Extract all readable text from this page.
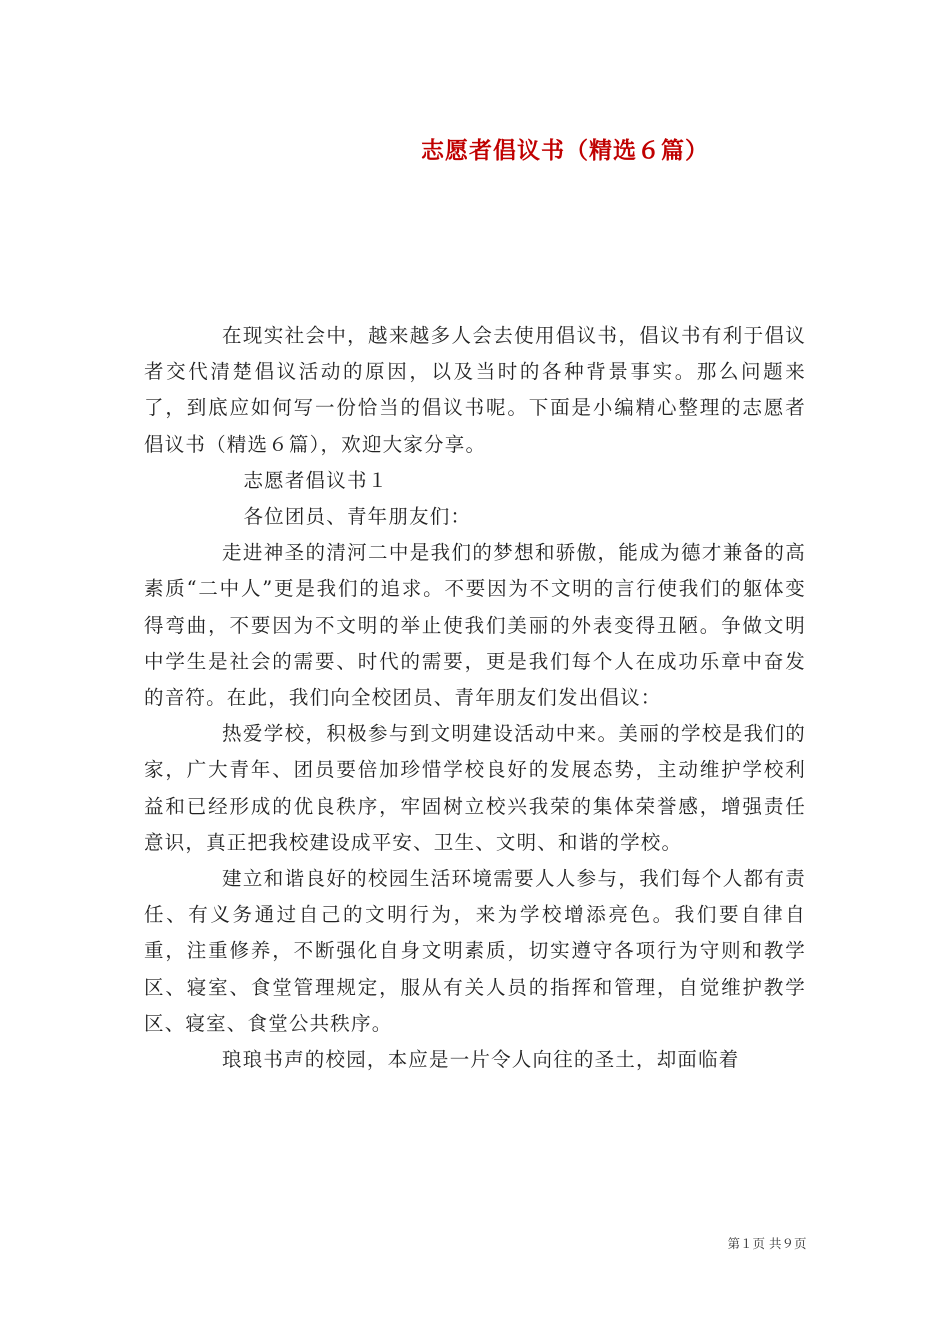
志愿者倡议书（精选６篇）

在现实社会中，越来越多人会去使用倡议书，倡议书有利于倡议者交代清楚倡议活动的原因，以及当时的各种背景事实。那么问题来了，到底应如何写一份恰当的倡议书呢。下面是小编精心整理的志愿者倡议书（精选６篇），欢迎大家分享。

志愿者倡议书１

各位团员、青年朋友们：

走进神圣的清河二中是我们的梦想和骄傲，能成为德才兼备的高素质“二中人”更是我们的追求。不要因为不文明的言行使我们的躯体变得弯曲，不要因为不文明的举止使我们美丽的外表变得丑陋。争做文明中学生是社会的需要、时代的需要，更是我们每个人在成功乐章中奋发的音符。在此，我们向全校团员、青年朋友们发出倡议：

热爱学校，积极参与到文明建设活动中来。美丽的学校是我们的家，广大青年、团员要倍加珍惜学校良好的发展态势，主动维护学校利益和已经形成的优良秩序，牢固树立校兴我荣的集体荣誉感，增强责任意识，真正把我校建设成平安、卫生、文明、和谐的学校。

建立和谐良好的校园生活环境需要人人参与，我们每个人都有责任、有义务通过自己的文明行为，来为学校增添亮色。我们要自律自重，注重修养，不断强化自身文明素质，切实遵守各项行为守则和教学区、寝室、食堂管理规定，服从有关人员的指挥和管理，自觉维护教学区、寝室、食堂公共秩序。

琅琅书声的校园，本应是一片令人向往的圣土，却面临着

第１页 共９页
